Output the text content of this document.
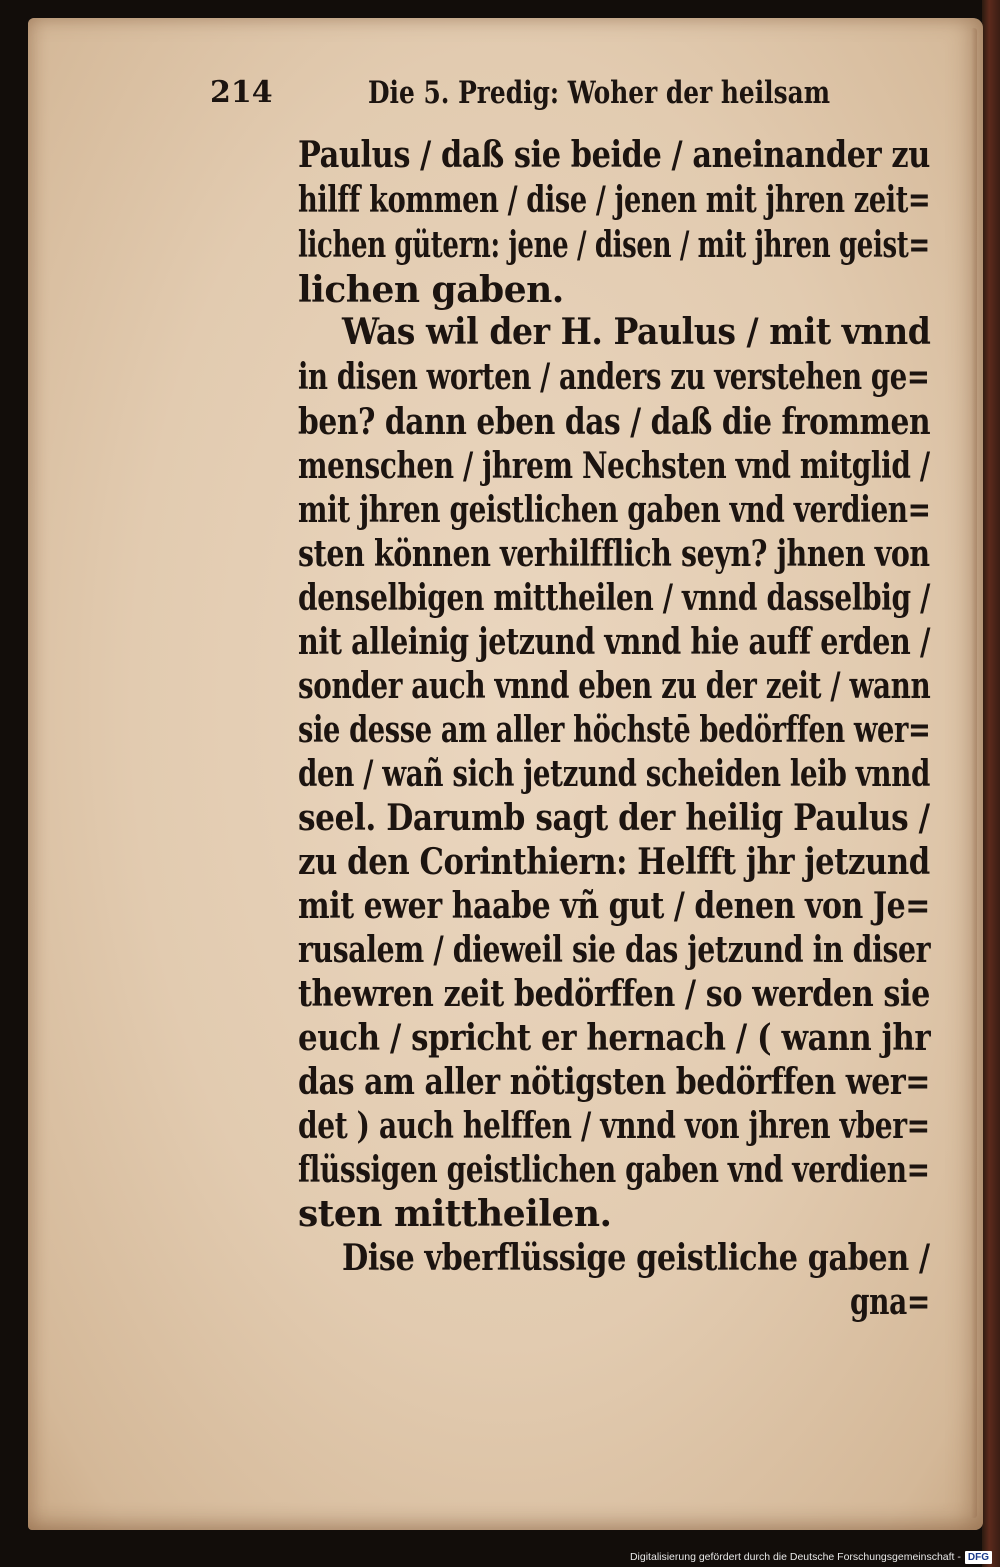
214	Die 5. Predig: Woher der heilsam

Paulus / daß sie beide / aneinander zu

hilff kommen / dise / jenen mit jhren zeit=

lichen gütern: jene / disen / mit jhren geist=

lichen gaben.

Was wil der H. Paulus / mit vnnd

in disen worten / anders zu verstehen ge=

ben? dann eben das / daß die frommen

menschen / jhrem Nechsten vnd mitglid /

mit jhren geistlichen gaben vnd verdien=

sten können verhilfflich seyn? jhnen von

denselbigen mittheilen / vnnd dasselbig /

nit alleinig jetzund vnnd hie auff erden /

sonder auch vnnd eben zu der zeit / wann

sie desse am aller höchstē bedörffen wer=

den / wañ sich jetzund scheiden leib vnnd

seel. Darumb sagt der heilig Paulus /

zu den Corinthiern: Helfft jhr jetzund

mit ewer haabe vñ gut / denen von Je=

rusalem / dieweil sie das jetzund in diser

thewren zeit bedörffen / so werden sie

euch / spricht er hernach / ( wann jhr

das am aller nötigsten bedörffen wer=

det ) auch helffen / vnnd von jhren vber=

flüssigen geistlichen gaben vnd verdien=

sten mittheilen.

Dise vberflüssige geistliche gaben /

gna=

Digitalisierung gefördert durch die Deutsche Forschungsgemeinschaft - DFG
